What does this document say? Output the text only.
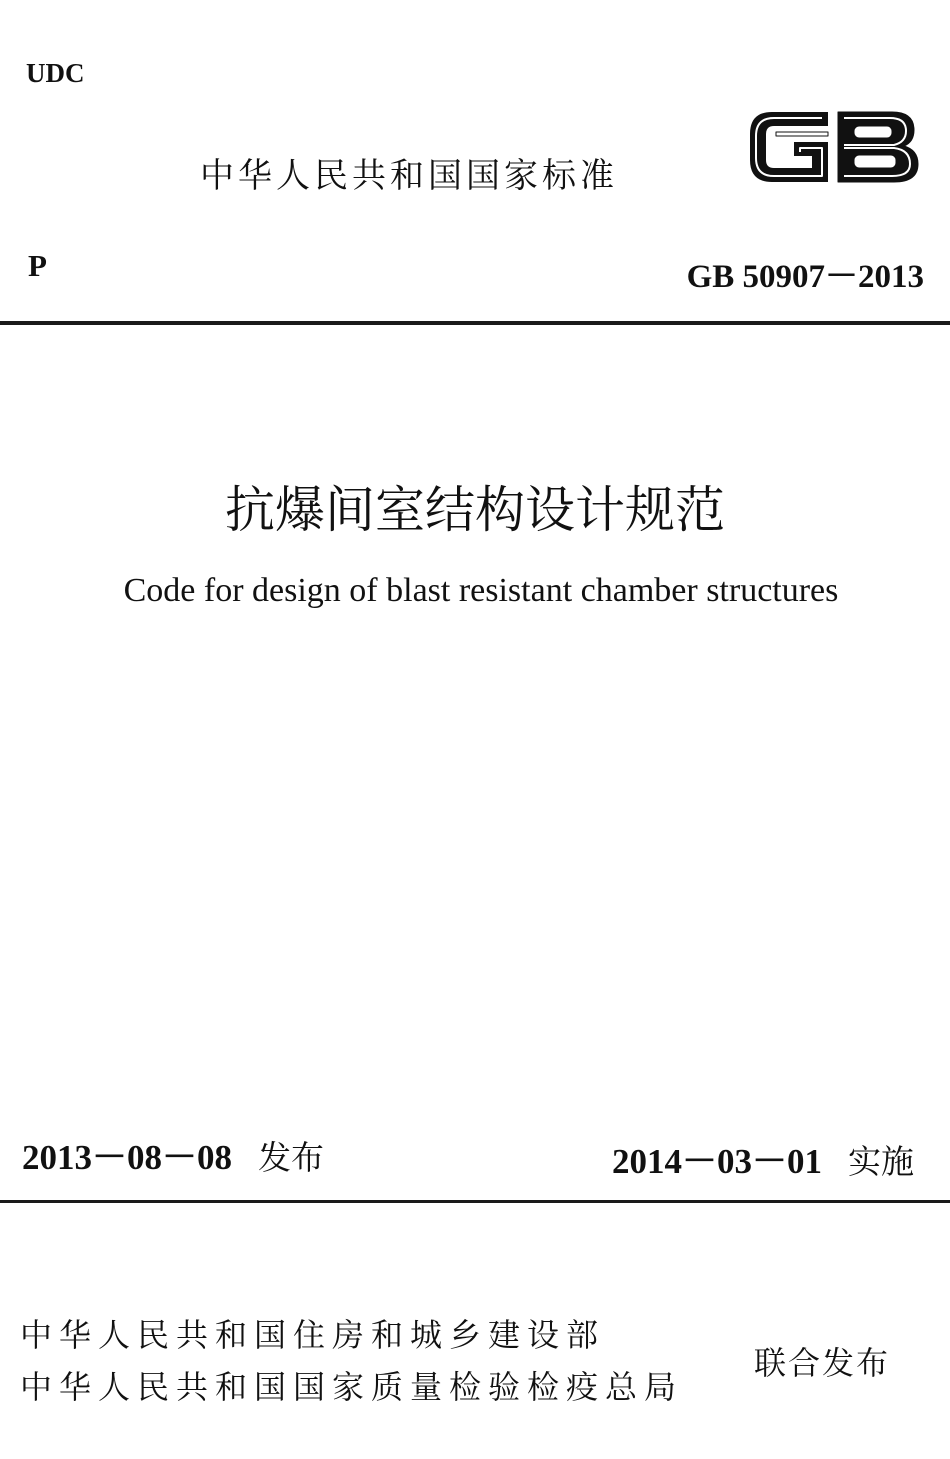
UDC
中华人民共和国国家标准
P	GB 50907－2013
抗爆间室结构设计规范
Code for design of blast resistant chamber structures
2013－08－08 发布	2014－03－01 实施
中华人民共和国住房和城乡建设部
中华人民共和国国家质量检验检疫总局
联合发布
